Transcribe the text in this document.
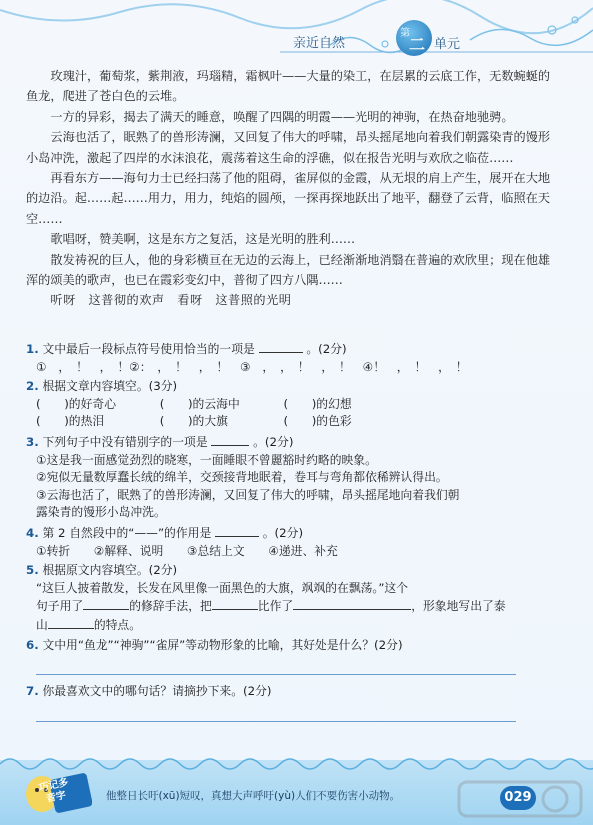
亲近自然
第
二 单元

玫瑰汁，葡萄浆，紫荆液，玛瑙精，霜枫叶——大量的染工，在层累的云底工作，无数蜿蜒的鱼龙，爬进了苍白色的云堆。

一方的异彩，揭去了满天的睡意，唤醒了四隅的明霞——光明的神驹，在热奋地驰骋。

云海也活了，眠熟了的兽形涛澜，又回复了伟大的呼啸，昂头摇尾地向着我们朝露染青的馒形小岛冲洗，激起了四岸的水沫浪花，震荡着这生命的浮礁，似在报告光明与欢欣之临莅……

再看东方——海句力士已经扫荡了他的阻碍，雀屏似的金霞，从无垠的肩上产生，展开在大地的边沿。起……起……用力，用力，纯焰的圆颅，一探再探地跃出了地平，翻登了云背，临照在天空……

歌唱呀，赞美啊，这是东方之复活，这是光明的胜利……

散发祷祝的巨人，他的身彩横亘在无边的云海上，已经渐渐地消翳在普遍的欢欣里；现在他雄浑的颂美的歌声，也已在霞彩变幻中，普彻了四方八隅……

听呀　这普彻的欢声　看呀　这普照的光明

1. 文中最后一段标点符号使用恰当的一项是	。(2分)
①　，　！　，　！②：　，　！　，　！　③　，　，　！　，　！　④！　，　！　，　！
2. 根据文章内容填空。(3分)
(　　)的好奇心	(　　)的云海中	(　　)的幻想
(　　)的热泪	(　　)的大旗	(　　)的色彩
3. 下列句子中没有错别字的一项是	。(2分)
①这是我一面感觉劲烈的晓寒，一面睡眼不曾麗豁时约略的映象。
②宛似无量数厚蠢长绒的绵羊，交颈接背地眠着，卷耳与弯角都依稀辨认得出。
③云海也活了，眠熟了的兽形涛澜，又回复了伟大的呼啸，昂头摇尾地向着我们朝
露染青的馒形小岛冲洗。
4. 第 2 自然段中的“——”的作用是	。(2分)
①转折　　②解释、说明　　③总结上文　　④递进、补充
5. 根据原文内容填空。(2分)
“这巨人披着散发，长发在风里像一面黑色的大旗，飒飒的在飘荡。”这个
句子用了	的修辞手法，把	比作了	，形象地写出了泰
山	的特点。
6. 文中用“鱼龙”“神驹”“雀屏”等动物形象的比喻，其好处是什么？(2分)
7. 你最喜欢文中的哪句话？请摘抄下来。(2分)
巧记多音字	他整日长吁(xū)短叹，真想大声呼吁(yù)人们不要伤害小动物。	029
